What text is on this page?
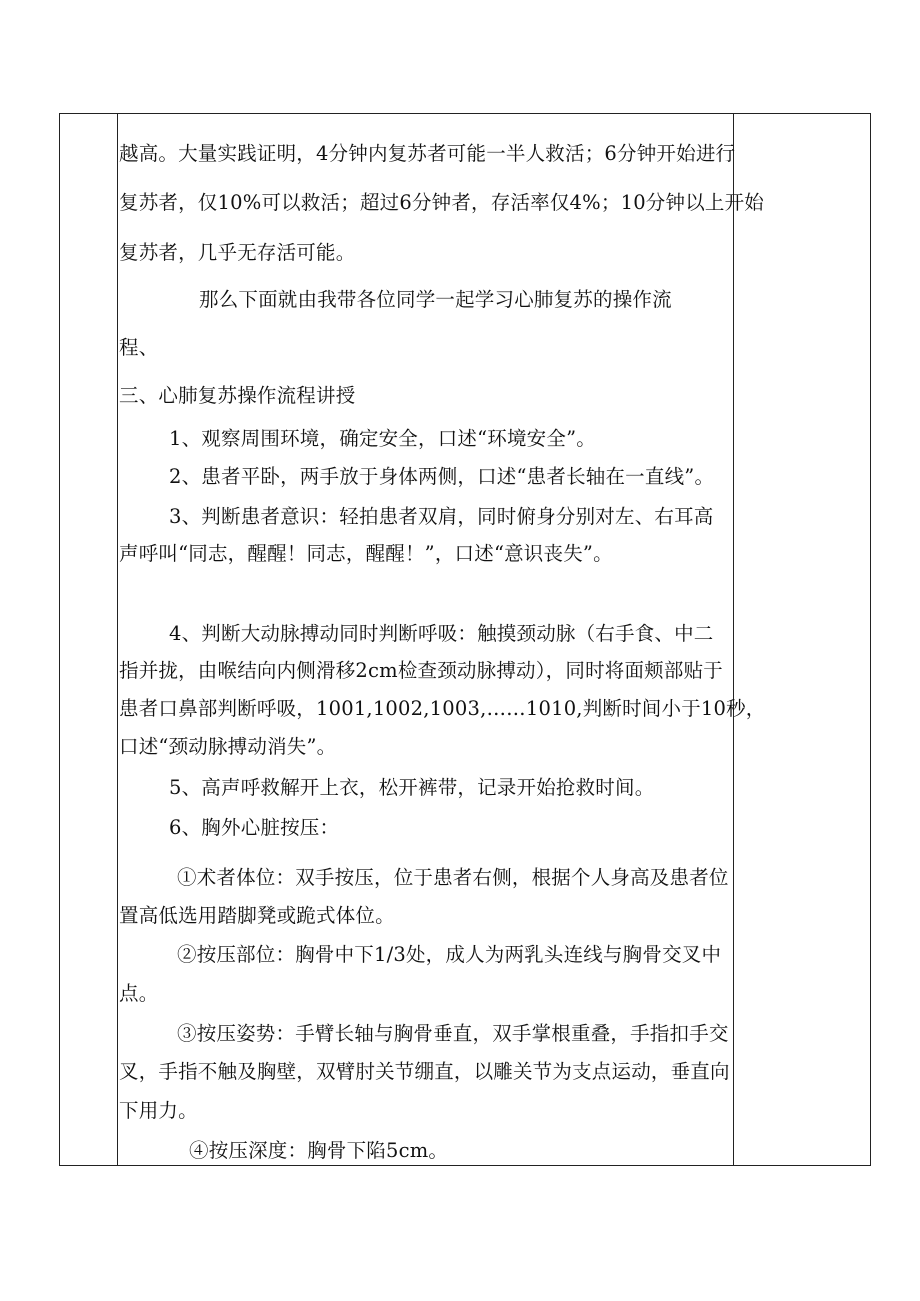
越高。大量实践证明，4分钟内复苏者可能一半人救活；6分钟开始进行
复苏者，仅10%可以救活；超过6分钟者，存活率仅4%；10分钟以上开始
复苏者，几乎无存活可能。
那么下面就由我带各位同学一起学习心肺复苏的操作流
程、
三、心肺复苏操作流程讲授
1、观察周围环境，确定安全，口述“环境安全”。
2、患者平卧，两手放于身体两侧，口述“患者长轴在一直线”。
3、判断患者意识：轻拍患者双肩，同时俯身分别对左、右耳高
声呼叫“同志，醒醒！同志，醒醒！”，口述“意识丧失”。
4、判断大动脉搏动同时判断呼吸：触摸颈动脉（右手食、中二
指并拢，由喉结向内侧滑移2cm检查颈动脉搏动），同时将面颊部贴于
患者口鼻部判断呼吸，1001,1002,1003,……1010,判断时间小于10秒，
口述“颈动脉搏动消失”。
5、高声呼救解开上衣，松开裤带，记录开始抢救时间。
6、胸外心脏按压：
①术者体位：双手按压，位于患者右侧，根据个人身高及患者位
置高低选用踏脚凳或跪式体位。
②按压部位：胸骨中下1/3处，成人为两乳头连线与胸骨交叉中
点。
③按压姿势：手臂长轴与胸骨垂直，双手掌根重叠，手指扣手交
叉，手指不触及胸壁，双臂肘关节绷直，以雕关节为支点运动，垂直向
下用力。
④按压深度：胸骨下陷5cm。
